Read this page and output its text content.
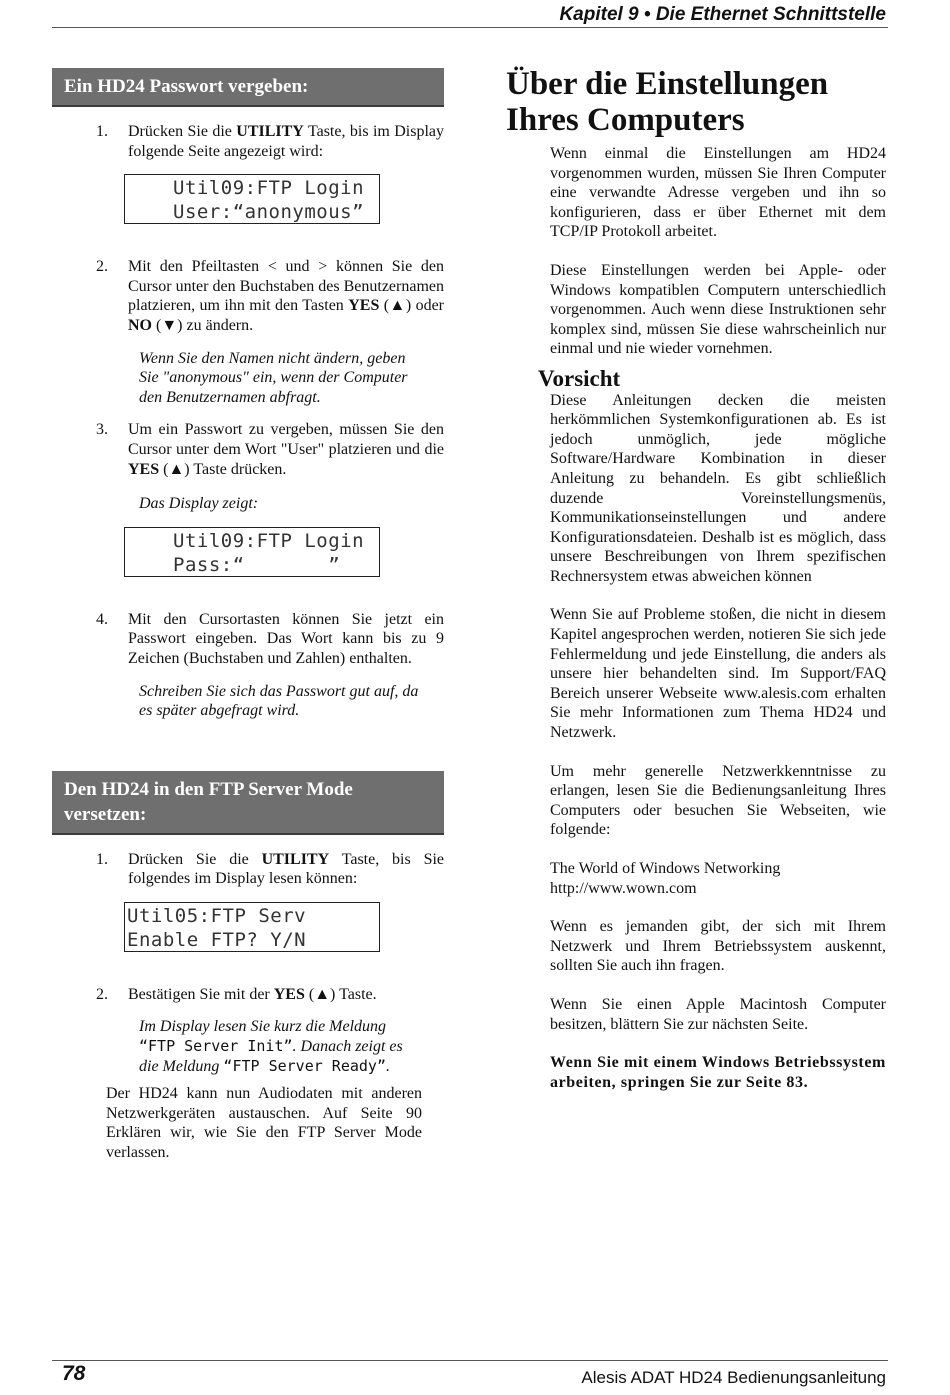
Kapitel 9 • Die Ethernet Schnittstelle
Ein HD24 Passwort vergeben:
1. Drücken Sie die UTILITY Taste, bis im Display folgende Seite angezeigt wird:
Util09:FTP Login
User:“anonymous”
2. Mit den Pfeiltasten < und > können Sie den Cursor unter den Buchstaben des Benutzernamen platzieren, um ihn mit den Tasten YES (▲) oder NO (▼) zu ändern.
Wenn Sie den Namen nicht ändern, geben Sie "anonymous" ein, wenn der Computer den Benutzernamen abfragt.
3. Um ein Passwort zu vergeben, müssen Sie den Cursor unter dem Wort "User" platzieren und die YES (▲) Taste drücken.
Das Display zeigt:
Util09:FTP Login
Pass:“       ”
4. Mit den Cursortasten können Sie jetzt ein Passwort eingeben. Das Wort kann bis zu 9 Zeichen (Buchstaben und Zahlen) enthalten.
Schreiben Sie sich das Passwort gut auf, da es später abgefragt wird.
Den HD24 in den FTP Server Mode versetzen:
1. Drücken Sie die UTILITY Taste, bis Sie folgendes im Display lesen können:
Util05:FTP Serv
Enable FTP? Y/N
2. Bestätigen Sie mit der YES (▲) Taste.
Im Display lesen Sie kurz die Meldung “FTP Server Init”. Danach zeigt es die Meldung “FTP Server Ready”.
Der HD24 kann nun Audiodaten mit anderen Netzwerkgeräten austauschen. Auf Seite 90 Erklären wir, wie Sie den FTP Server Mode verlassen.
Über die Einstellungen
Ihres Computers
Wenn einmal die Einstellungen am HD24 vorgenommen wurden, müssen Sie Ihren Computer eine verwandte Adresse vergeben und ihn so konfigurieren, dass er über Ethernet mit dem TCP/IP Protokoll arbeitet.
Diese Einstellungen werden bei Apple- oder Windows kompatiblen Computern unterschiedlich vorgenommen. Auch wenn diese Instruktionen sehr komplex sind, müssen Sie diese wahrscheinlich nur einmal und nie wieder vornehmen.
Vorsicht
Diese Anleitungen decken die meisten herkömmlichen Systemkonfigurationen ab. Es ist jedoch unmöglich, jede mögliche Software/Hardware Kombination in dieser Anleitung zu behandeln. Es gibt schließlich duzende Voreinstellungsmenüs, Kommunikationseinstellungen und andere Konfigurationsdateien. Deshalb ist es möglich, dass unsere Beschreibungen von Ihrem spezifischen Rechnersystem etwas abweichen können
Wenn Sie auf Probleme stoßen, die nicht in diesem Kapitel angesprochen werden, notieren Sie sich jede Fehlermeldung und jede Einstellung, die anders als unsere hier behandelten sind. Im Support/FAQ Bereich unserer Webseite www.alesis.com erhalten Sie mehr Informationen zum Thema HD24 und Netzwerk.
Um mehr generelle Netzwerkkenntnisse zu erlangen, lesen Sie die Bedienungsanleitung Ihres Computers oder besuchen Sie Webseiten, wie folgende:
The World of Windows Networking
http://www.wown.com
Wenn es jemanden gibt, der sich mit Ihrem Netzwerk und Ihrem Betriebssystem auskennt, sollten Sie auch ihn fragen.
Wenn Sie einen Apple Macintosh Computer besitzen, blättern Sie zur nächsten Seite.
Wenn Sie mit einem Windows Betriebssystem arbeiten, springen Sie zur Seite 83.
78	Alesis ADAT HD24 Bedienungsanleitung
